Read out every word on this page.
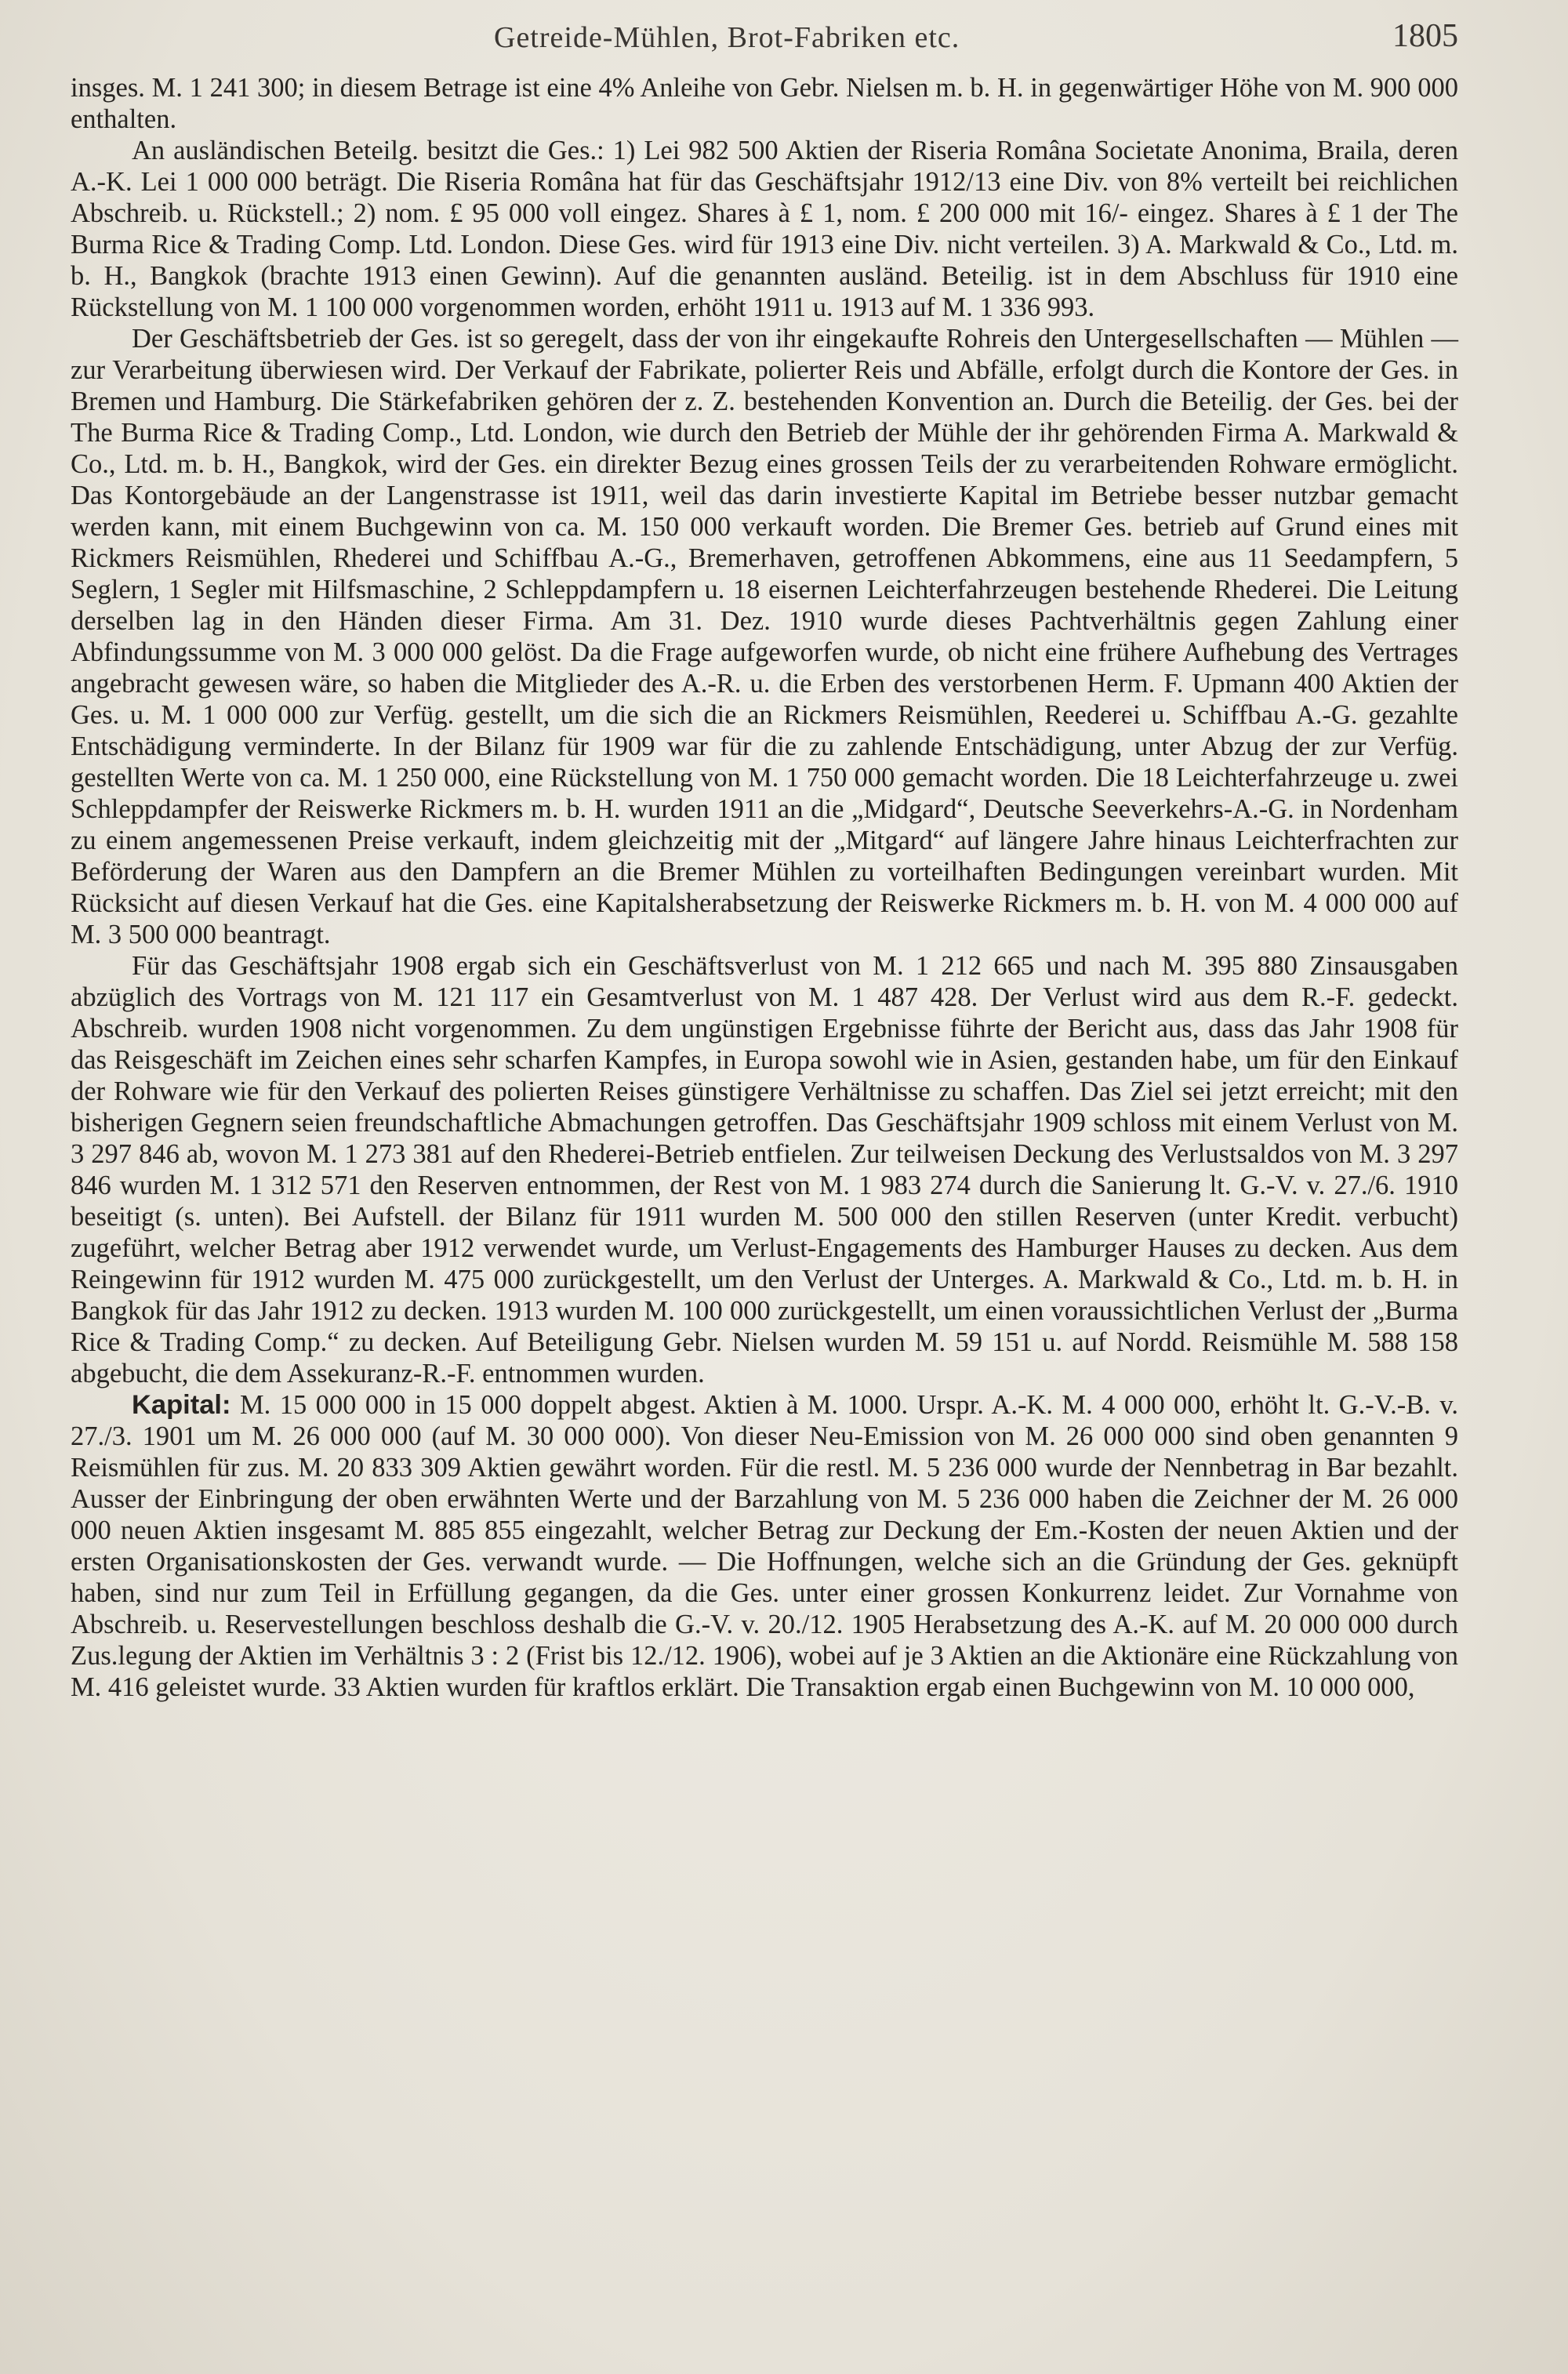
Getreide-Mühlen, Brot-Fabriken etc.	1805

insges. M. 1 241 300; in diesem Betrage ist eine 4% Anleihe von Gebr. Nielsen m. b. H. in gegenwärtiger Höhe von M. 900 000 enthalten.

An ausländischen Beteilg. besitzt die Ges.: 1) Lei 982 500 Aktien der Riseria Româna Societate Anonima, Braila, deren A.-K. Lei 1 000 000 beträgt. Die Riseria Româna hat für das Geschäftsjahr 1912/13 eine Div. von 8% verteilt bei reichlichen Abschreib. u. Rückstell.; 2) nom. £ 95 000 voll eingez. Shares à £ 1, nom. £ 200 000 mit 16/- eingez. Shares à £ 1 der The Burma Rice & Trading Comp. Ltd. London. Diese Ges. wird für 1913 eine Div. nicht verteilen. 3) A. Markwald & Co., Ltd. m. b. H., Bangkok (brachte 1913 einen Gewinn). Auf die genannten ausländ. Beteilig. ist in dem Abschluss für 1910 eine Rückstellung von M. 1 100 000 vorgenommen worden, erhöht 1911 u. 1913 auf M. 1 336 993.

Der Geschäftsbetrieb der Ges. ist so geregelt, dass der von ihr eingekaufte Rohreis den Untergesellschaften — Mühlen — zur Verarbeitung überwiesen wird. Der Verkauf der Fabrikate, polierter Reis und Abfälle, erfolgt durch die Kontore der Ges. in Bremen und Hamburg. Die Stärkefabriken gehören der z. Z. bestehenden Konvention an. Durch die Beteilig. der Ges. bei der The Burma Rice & Trading Comp., Ltd. London, wie durch den Betrieb der Mühle der ihr gehörenden Firma A. Markwald & Co., Ltd. m. b. H., Bangkok, wird der Ges. ein direkter Bezug eines grossen Teils der zu verarbeitenden Rohware ermöglicht. Das Kontorgebäude an der Langenstrasse ist 1911, weil das darin investierte Kapital im Betriebe besser nutzbar gemacht werden kann, mit einem Buchgewinn von ca. M. 150 000 verkauft worden. Die Bremer Ges. betrieb auf Grund eines mit Rickmers Reismühlen, Rhederei und Schiffbau A.-G., Bremerhaven, getroffenen Abkommens, eine aus 11 Seedampfern, 5 Seglern, 1 Segler mit Hilfsmaschine, 2 Schleppdampfern u. 18 eisernen Leichterfahrzeugen bestehende Rhederei. Die Leitung derselben lag in den Händen dieser Firma. Am 31. Dez. 1910 wurde dieses Pachtverhältnis gegen Zahlung einer Abfindungssumme von M. 3 000 000 gelöst. Da die Frage aufgeworfen wurde, ob nicht eine frühere Aufhebung des Vertrages angebracht gewesen wäre, so haben die Mitglieder des A.-R. u. die Erben des verstorbenen Herm. F. Upmann 400 Aktien der Ges. u. M. 1 000 000 zur Verfüg. gestellt, um die sich die an Rickmers Reismühlen, Reederei u. Schiffbau A.-G. gezahlte Entschädigung verminderte. In der Bilanz für 1909 war für die zu zahlende Entschädigung, unter Abzug der zur Verfüg. gestellten Werte von ca. M. 1 250 000, eine Rückstellung von M. 1 750 000 gemacht worden. Die 18 Leichterfahrzeuge u. zwei Schleppdampfer der Reiswerke Rickmers m. b. H. wurden 1911 an die „Midgard“, Deutsche Seeverkehrs-A.-G. in Nordenham zu einem angemessenen Preise verkauft, indem gleichzeitig mit der „Mitgard“ auf längere Jahre hinaus Leichterfrachten zur Beförderung der Waren aus den Dampfern an die Bremer Mühlen zu vorteilhaften Bedingungen vereinbart wurden. Mit Rücksicht auf diesen Verkauf hat die Ges. eine Kapitalsherabsetzung der Reiswerke Rickmers m. b. H. von M. 4 000 000 auf M. 3 500 000 beantragt.

Für das Geschäftsjahr 1908 ergab sich ein Geschäftsverlust von M. 1 212 665 und nach M. 395 880 Zinsausgaben abzüglich des Vortrags von M. 121 117 ein Gesamtverlust von M. 1 487 428. Der Verlust wird aus dem R.-F. gedeckt. Abschreib. wurden 1908 nicht vorgenommen. Zu dem ungünstigen Ergebnisse führte der Bericht aus, dass das Jahr 1908 für das Reisgeschäft im Zeichen eines sehr scharfen Kampfes, in Europa sowohl wie in Asien, gestanden habe, um für den Einkauf der Rohware wie für den Verkauf des polierten Reises günstigere Verhältnisse zu schaffen. Das Ziel sei jetzt erreicht; mit den bisherigen Gegnern seien freundschaftliche Abmachungen getroffen. Das Geschäftsjahr 1909 schloss mit einem Verlust von M. 3 297 846 ab, wovon M. 1 273 381 auf den Rhederei-Betrieb entfielen. Zur teilweisen Deckung des Verlustsaldos von M. 3 297 846 wurden M. 1 312 571 den Reserven entnommen, der Rest von M. 1 983 274 durch die Sanierung lt. G.-V. v. 27./6. 1910 beseitigt (s. unten). Bei Aufstell. der Bilanz für 1911 wurden M. 500 000 den stillen Reserven (unter Kredit. verbucht) zugeführt, welcher Betrag aber 1912 verwendet wurde, um Verlust-Engagements des Hamburger Hauses zu decken. Aus dem Reingewinn für 1912 wurden M. 475 000 zurückgestellt, um den Verlust der Unterges. A. Markwald & Co., Ltd. m. b. H. in Bangkok für das Jahr 1912 zu decken. 1913 wurden M. 100 000 zurückgestellt, um einen voraussichtlichen Verlust der „Burma Rice & Trading Comp.“ zu decken. Auf Beteiligung Gebr. Nielsen wurden M. 59 151 u. auf Nordd. Reismühle M. 588 158 abgebucht, die dem Assekuranz-R.-F. entnommen wurden.

Kapital: M. 15 000 000 in 15 000 doppelt abgest. Aktien à M. 1000. Urspr. A.-K. M. 4 000 000, erhöht lt. G.-V.-B. v. 27./3. 1901 um M. 26 000 000 (auf M. 30 000 000). Von dieser Neu-Emission von M. 26 000 000 sind oben genannten 9 Reismühlen für zus. M. 20 833 309 Aktien gewährt worden. Für die restl. M. 5 236 000 wurde der Nennbetrag in Bar bezahlt. Ausser der Einbringung der oben erwähnten Werte und der Barzahlung von M. 5 236 000 haben die Zeichner der M. 26 000 000 neuen Aktien insgesamt M. 885 855 eingezahlt, welcher Betrag zur Deckung der Em.-Kosten der neuen Aktien und der ersten Organisationskosten der Ges. verwandt wurde. — Die Hoffnungen, welche sich an die Gründung der Ges. geknüpft haben, sind nur zum Teil in Erfüllung gegangen, da die Ges. unter einer grossen Konkurrenz leidet. Zur Vornahme von Abschreib. u. Reservestellungen beschloss deshalb die G.-V. v. 20./12. 1905 Herabsetzung des A.-K. auf M. 20 000 000 durch Zus.legung der Aktien im Verhältnis 3 : 2 (Frist bis 12./12. 1906), wobei auf je 3 Aktien an die Aktionäre eine Rückzahlung von M. 416 geleistet wurde. 33 Aktien wurden für kraftlos erklärt. Die Transaktion ergab einen Buchgewinn von M. 10 000 000,
